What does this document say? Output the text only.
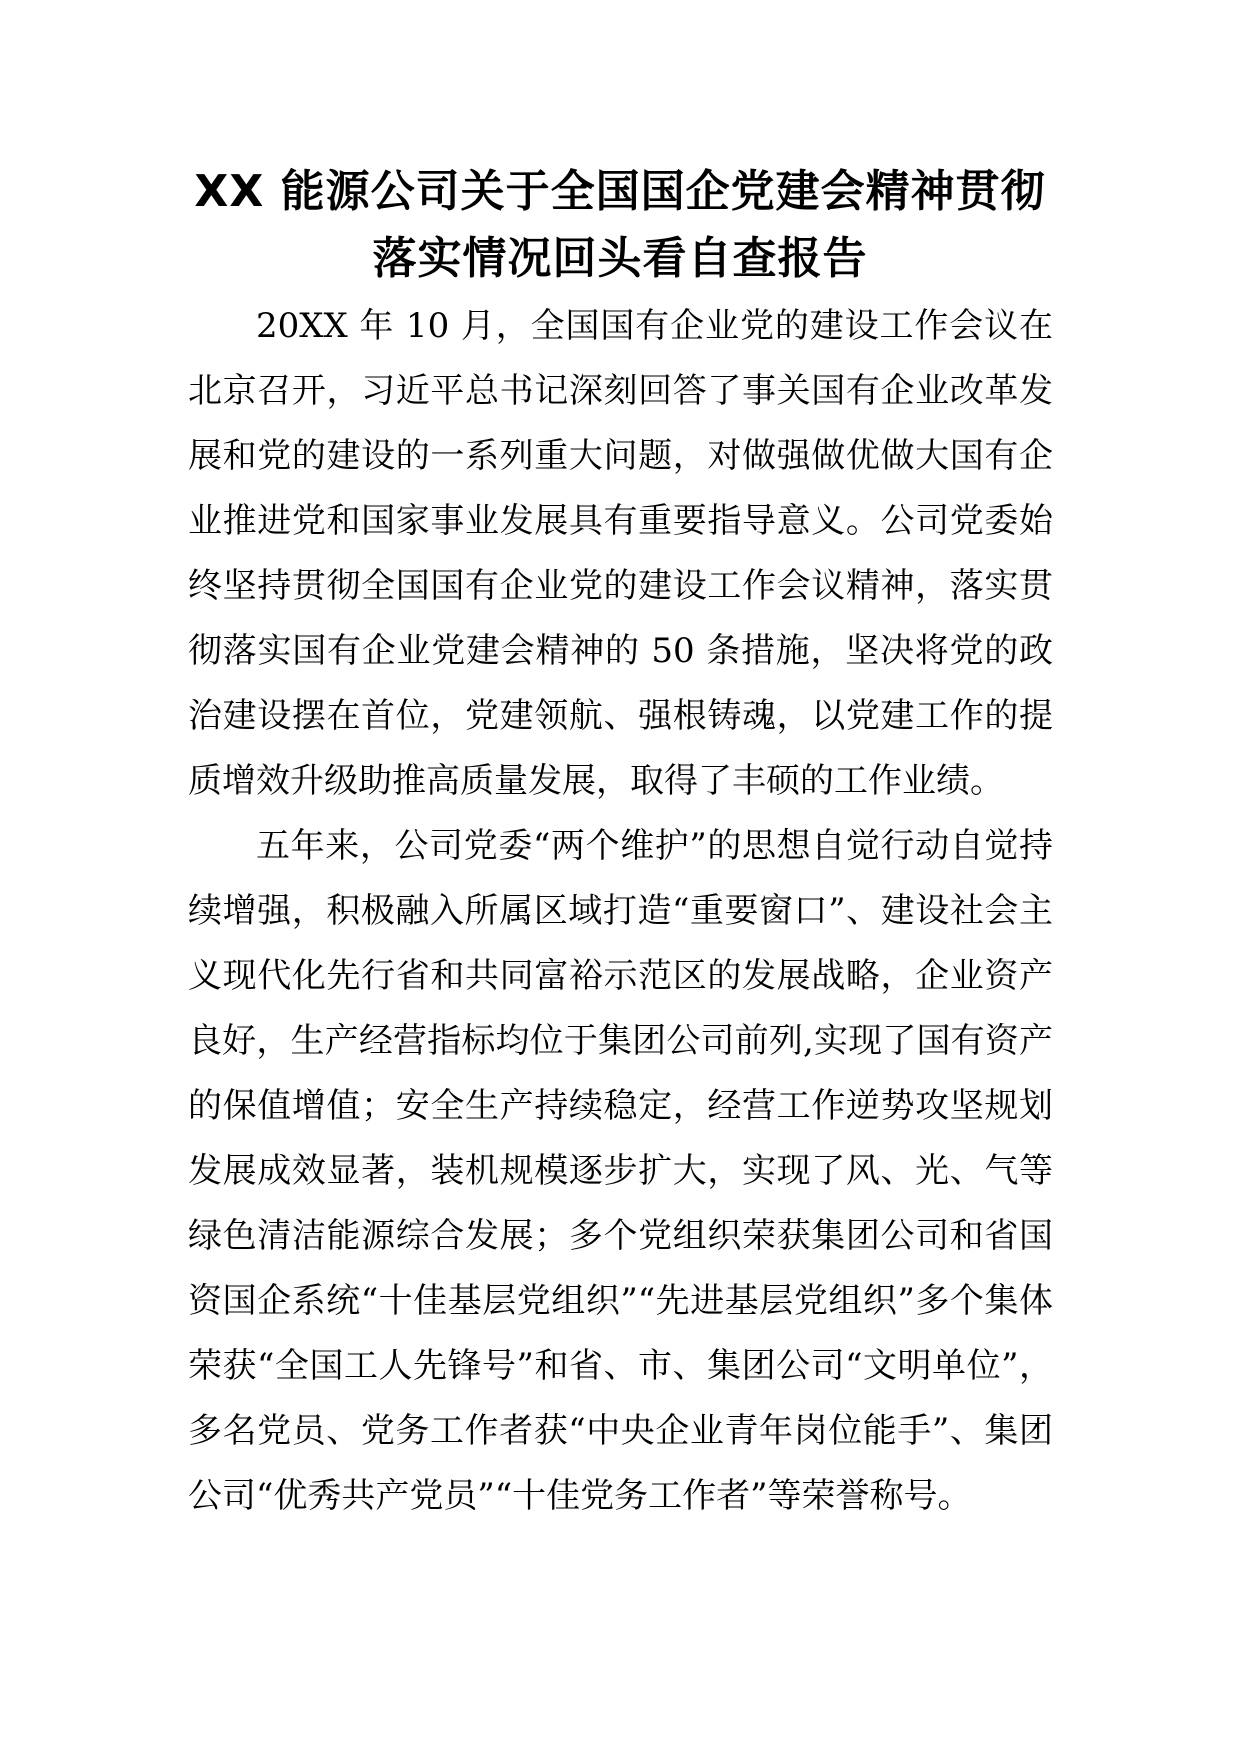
XX 能源公司关于全国国企党建会精神贯彻
落实情况回头看自查报告

20XX 年 10 月，全国国有企业党的建设工作会议在北京召开，习近平总书记深刻回答了事关国有企业改革发展和党的建设的一系列重大问题，对做强做优做大国有企业推进党和国家事业发展具有重要指导意义。公司党委始终坚持贯彻全国国有企业党的建设工作会议精神，落实贯彻落实国有企业党建会精神的 50 条措施，坚决将党的政治建设摆在首位，党建领航、强根铸魂，以党建工作的提质增效升级助推高质量发展，取得了丰硕的工作业绩。

五年来，公司党委“两个维护”的思想自觉行动自觉持续增强，积极融入所属区域打造“重要窗口”、建设社会主义现代化先行省和共同富裕示范区的发展战略，企业资产良好，生产经营指标均位于集团公司前列,实现了国有资产的保值增值；安全生产持续稳定，经营工作逆势攻坚规划发展成效显著，装机规模逐步扩大，实现了风、光、气等绿色清洁能源综合发展；多个党组织荣获集团公司和省国资国企系统“十佳基层党组织”“先进基层党组织”多个集体荣获“全国工人先锋号”和省、市、集团公司“文明单位”，多名党员、党务工作者获“中央企业青年岗位能手”、集团公司“优秀共产党员”“十佳党务工作者”等荣誉称号。
